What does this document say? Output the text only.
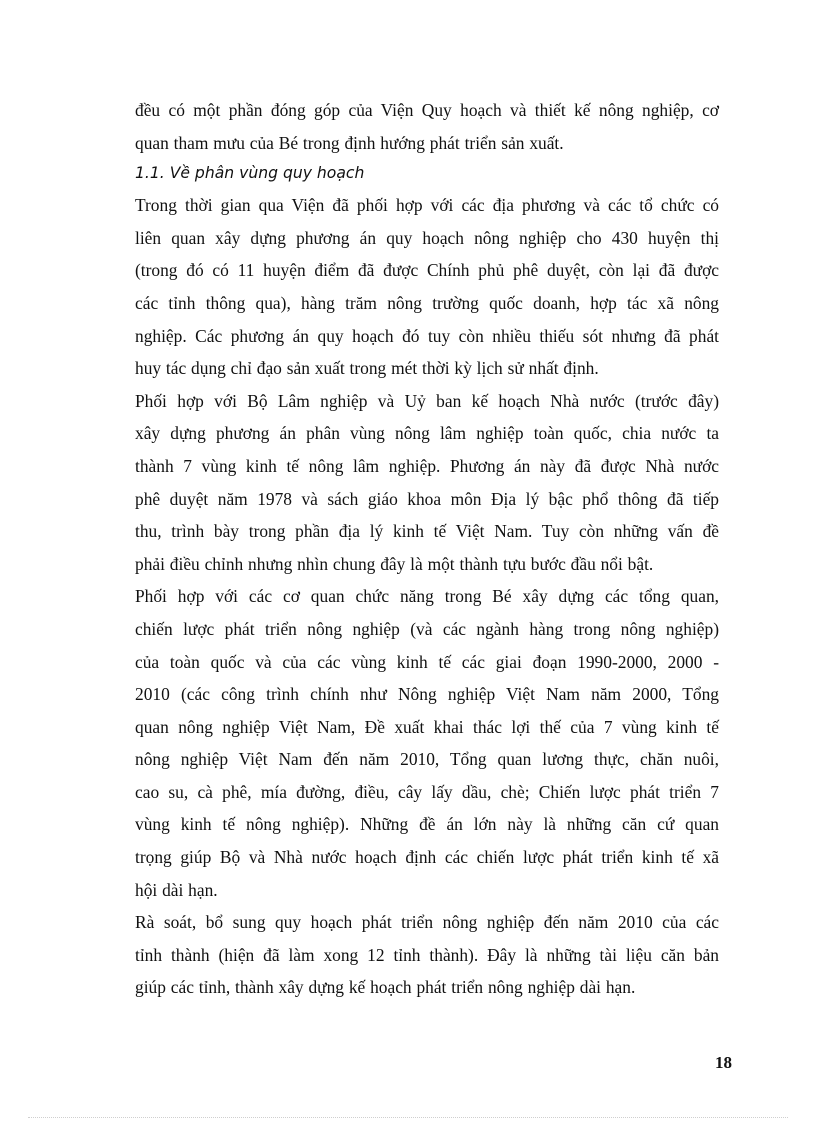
đều có một phần đóng góp của Viện Quy hoạch và thiết kế nông nghiệp, cơ
quan tham mưu của Bé trong định hướng phát triển sản xuất.

1.1. Về phân vùng quy hoạch

Trong thời gian qua Viện đã phối hợp với các địa phương và các tổ chức có
liên quan xây dựng phương án quy hoạch nông nghiệp cho 430 huyện thị
(trong đó có 11 huyện điểm đã được Chính phủ phê duyệt, còn lại đã được
các tỉnh thông qua), hàng trăm nông trường quốc doanh, hợp tác xã nông
nghiệp. Các phương án quy hoạch đó tuy còn nhiều thiếu sót nhưng đã phát
huy tác dụng chỉ đạo sản xuất trong mét thời kỳ lịch sử nhất định.

Phối hợp với Bộ Lâm nghiệp và Uỷ ban kế hoạch Nhà nước (trước đây)
xây dựng phương án phân vùng nông lâm nghiệp toàn quốc, chia nước ta
thành 7 vùng kinh tế nông lâm nghiệp. Phương án này đã được Nhà nước
phê duyệt năm 1978 và sách giáo khoa môn Địa lý bậc phổ thông đã tiếp
thu, trình bày trong phần địa lý kinh tế Việt Nam. Tuy còn những vấn đề
phải điều chỉnh nhưng nhìn chung đây là một thành tựu bước đầu nổi bật.

Phối hợp với các cơ quan chức năng trong Bé xây dựng các tổng quan,
chiến lược phát triển nông nghiệp (và các ngành hàng trong nông nghiệp)
của toàn quốc và của các vùng kinh tế các giai đoạn 1990-2000, 2000 -
2010 (các công trình chính như Nông nghiệp Việt Nam năm 2000, Tổng
quan nông nghiệp Việt Nam, Đề xuất khai thác lợi thế của 7 vùng kinh tế
nông nghiệp Việt Nam đến năm 2010, Tổng quan lương thực, chăn nuôi,
cao su, cà phê, mía đường, điều, cây lấy dầu, chè; Chiến lược phát triển 7
vùng kinh tế nông nghiệp). Những đề án lớn này là những căn cứ quan
trọng giúp Bộ và Nhà nước hoạch định các chiến lược phát triển kinh tế xã
hội dài hạn.

Rà soát, bổ sung quy hoạch phát triển nông nghiệp đến năm 2010 của các
tỉnh thành (hiện đã làm xong 12 tỉnh thành). Đây là những tài liệu căn bản
giúp các tỉnh, thành xây dựng kế hoạch phát triển nông nghiệp dài hạn.

18
